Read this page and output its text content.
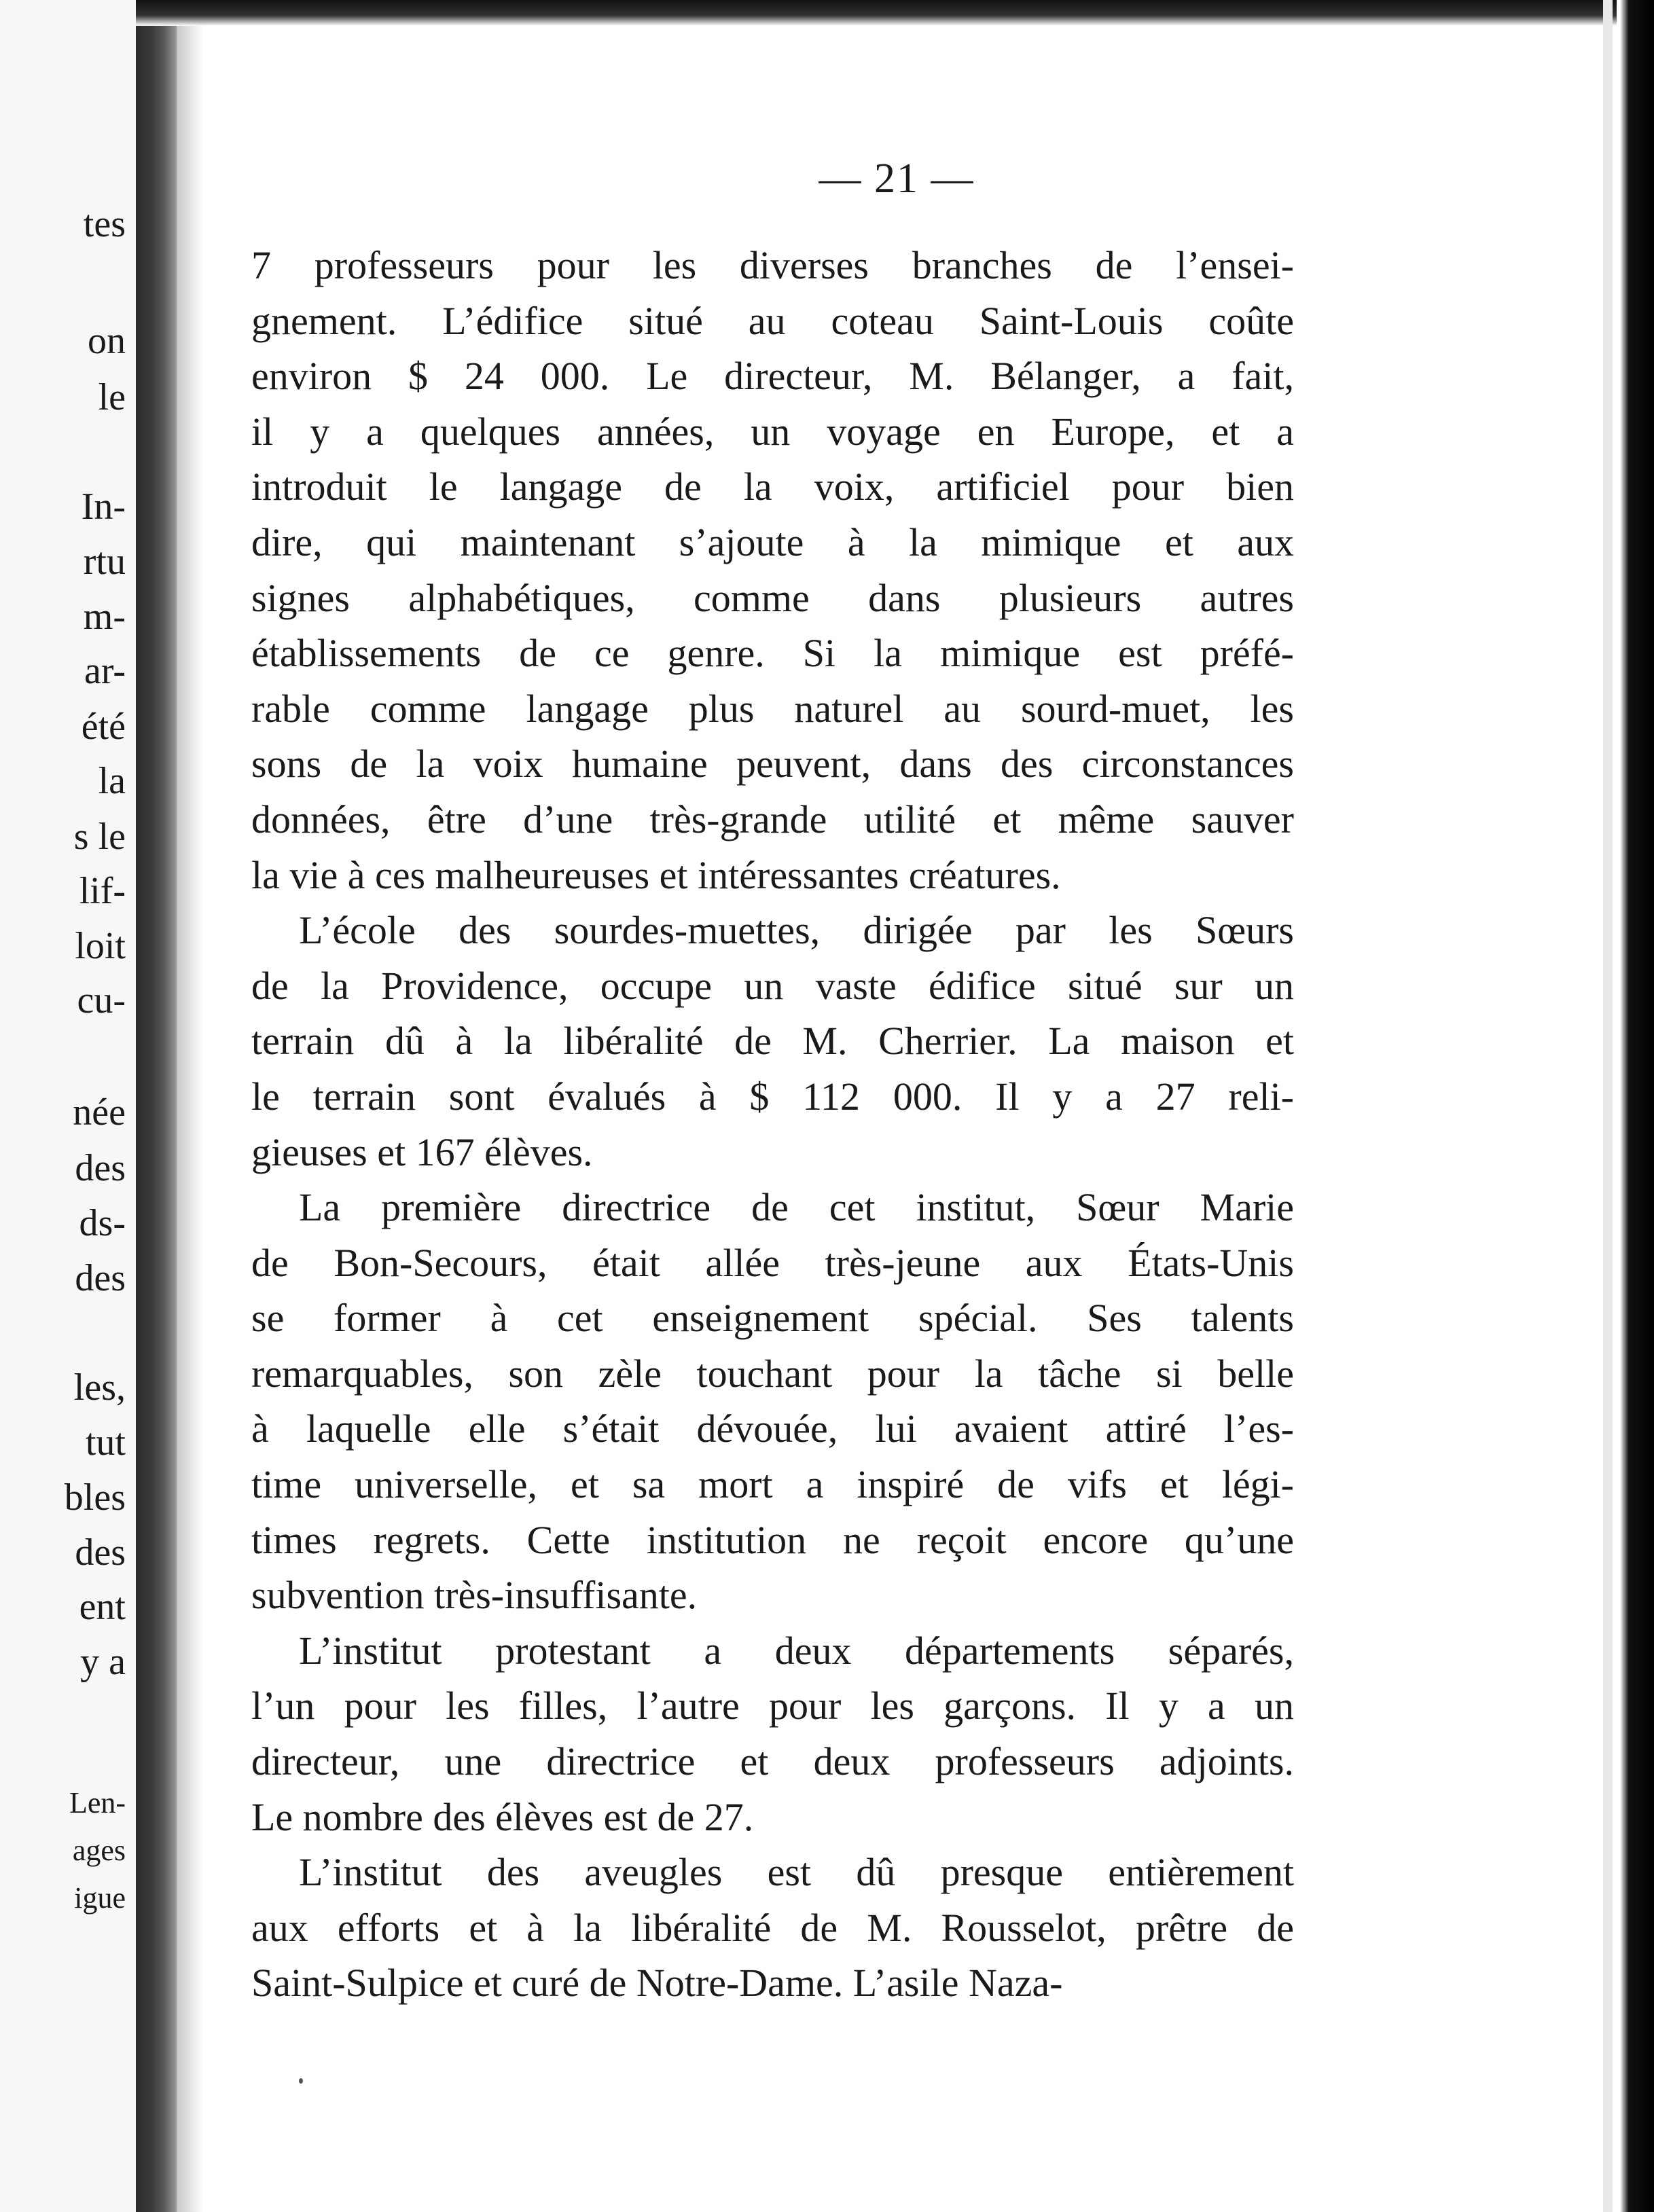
tes
on
le
In-
rtu
m-
ar-
été
la
s le
lif-
loit
cu-
née
des
ds-
des
les,
tut
bles
des
ent
y a
Len-
ages
igue
— 21 —
7 professeurs pour les diverses branches de l’ensei-
gnement. L’édifice situé au coteau Saint-Louis coûte
environ $ 24 000. Le directeur, M. Bélanger, a fait,
il y a quelques années, un voyage en Europe, et a
introduit le langage de la voix, artificiel pour bien
dire, qui maintenant s’ajoute à la mimique et aux
signes alphabétiques, comme dans plusieurs autres
établissements de ce genre. Si la mimique est préfé-
rable comme langage plus naturel au sourd-muet, les
sons de la voix humaine peuvent, dans des circonstances
données, être d’une très-grande utilité et même sauver
la vie à ces malheureuses et intéressantes créatures.
L’école des sourdes-muettes, dirigée par les Sœurs
de la Providence, occupe un vaste édifice situé sur un
terrain dû à la libéralité de M. Cherrier. La maison et
le terrain sont évalués à $ 112 000. Il y a 27 reli-
gieuses et 167 élèves.
La première directrice de cet institut, Sœur Marie
de Bon-Secours, était allée très-jeune aux États-Unis
se former à cet enseignement spécial. Ses talents
remarquables, son zèle touchant pour la tâche si belle
à laquelle elle s’était dévouée, lui avaient attiré l’es-
time universelle, et sa mort a inspiré de vifs et légi-
times regrets. Cette institution ne reçoit encore qu’une
subvention très-insuffisante.
L’institut protestant a deux départements séparés,
l’un pour les filles, l’autre pour les garçons. Il y a un
directeur, une directrice et deux professeurs adjoints.
Le nombre des élèves est de 27.
L’institut des aveugles est dû presque entièrement
aux efforts et à la libéralité de M. Rousselot, prêtre de
Saint-Sulpice et curé de Notre-Dame. L’asile Naza-
